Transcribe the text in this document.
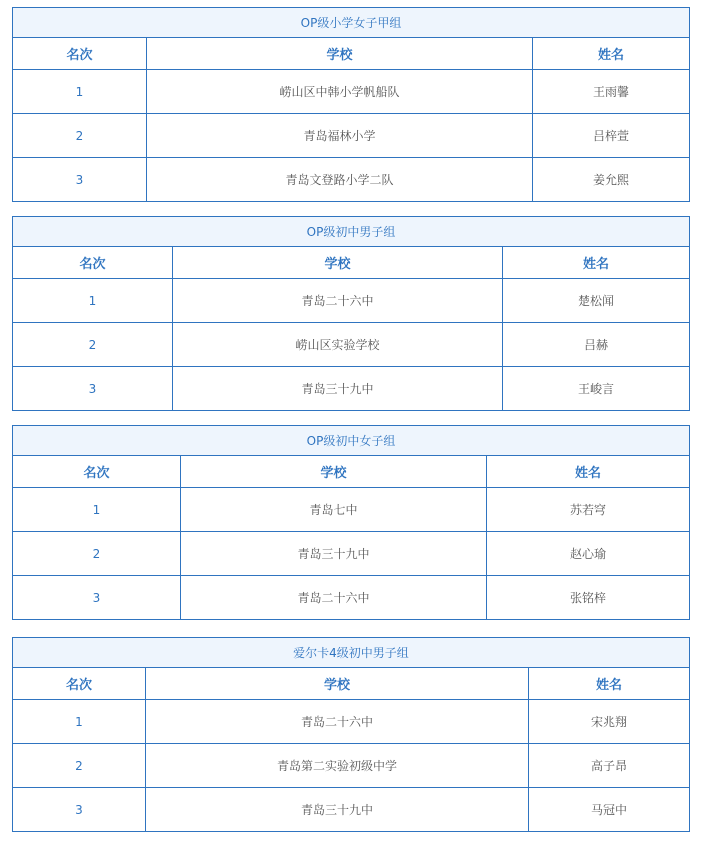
OP级小学女子甲组		
名次	学校	姓名
1	崂山区中韩小学帆船队	王雨馨
2	青岛福林小学	吕梓萱
3	青岛文登路小学二队	姜允熙
OP级初中男子组		
名次	学校	姓名
1	青岛二十六中	楚松闻
2	崂山区实验学校	吕赫
3	青岛三十九中	王峻言
OP级初中女子组		
名次	学校	姓名
1	青岛七中	苏若穹
2	青岛三十九中	赵心瑜
3	青岛二十六中	张铭梓
爱尔卡4级初中男子组		
名次	学校	姓名
1	青岛二十六中	宋兆翔
2	青岛第二实验初级中学	高子昂
3	青岛三十九中	马冠中
